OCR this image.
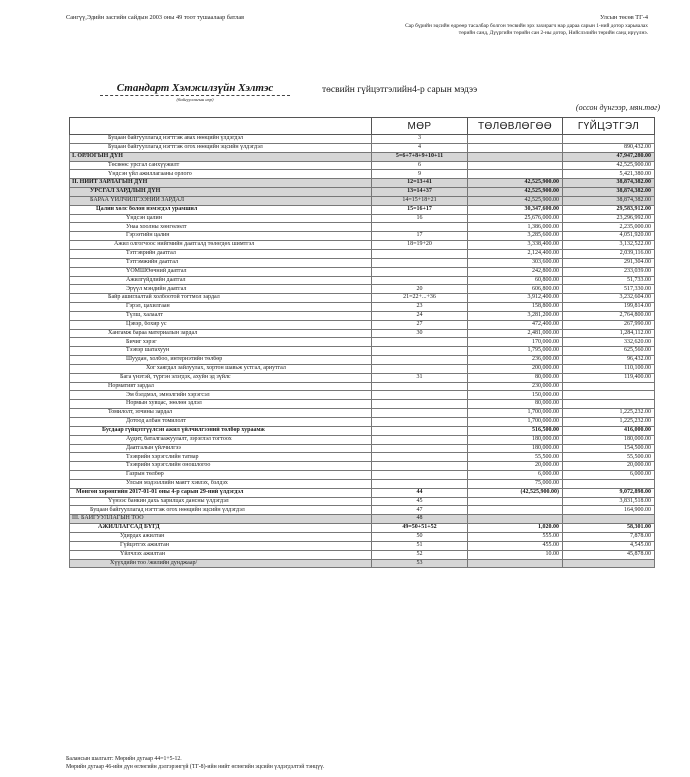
Сангүү,Эдийн засгийн сайдын 2003 оны 49 тоот тушаалаар батлав	Улсын төсөв ТГ-4
Сар бүрийн эцсийн өдрөөр тасалбар болгон төсвийн эрх захирагч нар дараа сарын 1-ний дотор харьяалах төрийн санд, Дүүргийн төрийн сан 2-ны дотор, Нийслэлийн төрийн санд ирүүлнэ.
Стандарт Хэмжилзүйн Хэлтэс
(байгууллагын нэр)
төсвийн гүйцэтгэлийн4-р сарын мэдээ
(оссон дүнгээр, мян.төг)
	МӨР	ТӨЛӨВЛӨГӨӨ	ГҮЙЦЭТГЭЛ
Буцаан байгууллагад нэгтгэж авах нөөцийн үлдэгдэл	3		
Буцаан байгууллагад нэгтгэж огох нөөцийн эцсийн үлдэгдэл	4		890,432.00
I. ОРЛОГЫН ДҮН	5=6+7+8+9+10+11		47,947,280.00
Төсвөөс урсгал санхүүжилт	6		42,525,900.00
Үндсэн үйл ажиллагааны орлого	9		5,421,380.00
II. НИЙТ ЗАРЛАГЫН ДҮН	12=13+41	42,525,900.00	38,874,382.00
УРСГАЛ ЗАРДЛЫН ДҮН	13=14+37	42,525,900.00	38,874,382.00
БАРАА ҮЙЛЧИЛГЭЭНИЙ ЗАРДАЛ	14=15+18+21	42,525,900.00	38,874,382.00
Цалин хөлс болон нэмэгдэл урамшил	15=16+17	30,347,600.00	29,583,912.00
Үндсэн цалин	16	25,676,000.00	23,296,992.00
Унаа хоолны хөнгөлөлт		1,386,000.00	2,235,000.00
Гэрээтийн цалин	17	3,285,600.00	4,051,920.00
Ажил олгогчоос нийгмийн даатгалд төлөгдөх шимтгэл	18=19+20	3,338,400.00	3,132,522.00
Тэтгэврийн даатгал		2,124,400.00	2,039,116.00
Тэтгэмжийн даатгал		303,600.00	291,304.00
ҮОМШӨөчний даатгал		242,800.00	233,039.00
Ажилгүйдлийн даатгал		60,800.00	51,733.00
Эрүүл мэндийн даатгал	20	606,800.00	517,330.00
Байр ашиглалтай холбоотой тогтмол зардал	21=22+...+36	3,912,400.00	3,232,604.00
Гэрэл, цахилгаан	23	158,800.00	199,814.00
Түлш, халаалт	24	3,281,200.00	2,764,800.00
Цэвэр, бохир ус	27	472,400.00	267,990.00
Хангамж бараа материалын зардал	30	2,481,000.00	1,284,112.00
Бичиг хэрэг		170,000.00	332,620.00
Тээвэр шатахуун		1,795,000.00	625,560.00
Шуудан, холбоо, интернэтийн төлбөр		236,000.00	96,432.00
Хог хаягдал зайлуулах, хортон шавьж устгал, ариутгал		200,000.00	110,100.00
Бага үнэтэй, түргэн элэгдэх, ахуйн эд зүйлс	31	80,000.00	119,400.00
Нормативт зардал		230,000.00	
Эм бэлдмэл, эмнэлгийн хэрэгсэл		150,000.00	
Нормын хувцас, зөөлөн эдлэл		80,000.00	
Томилолт, зочины зардал		1,700,000.00	1,225,232.00
Дотоод албан томилолт		1,700,000.00	1,225,232.00
Бусдаар гүйцэтгүүлсэн ажил үйлчилгээний төлбөр хураамж		516,500.00	416,000.00
Аудит, баталгаажуулалт, зэрэглэл тогтоох		180,000.00	180,000.00
Даатгалын үйлчилгээ		180,000.00	154,500.00
Тээврийн хэрэгслийн татвар		55,500.00	55,500.00
Тээврийн хэрэгслийн оношлогоо		20,000.00	20,000.00
Газрын төлбөр		6,000.00	6,000.00
Улсын мэдээллийн маягт хэвлэх, бэлдэх		75,000.00	
Мөнгөн хөрөнгийн 2017-01-01 оны 4-р сарын 29-ний үлдэгдэл	44	(42,525,900.00)	9,072,898.00
Үүнээс банкин дахь харилцах дансны үлдэгдэл	45		3,831,518.00
Буцаан байгууллагад нэгтгэж огох нөөцийн эцсийн үлдэгдэл	47		164,900.00
III. БАЙГУУЛЛАГЫН ТОО	48		
АЖИЛЛАГСАД БҮГД	49=50+51+52	1,020.00	58,301.00
Удирдах ажилтан	50	555.00	7,878.00
Гүйцэтгэх ажилтан	51	455.00	4,545.00
Үйлчлэх ажилтан	52	10.00	45,878.00
Хүүхдийн тоо /жилийн дунджаар/	53		
Балансын шалгалт: Мөрийн дугаар 44=1+5-12.
Мөрийн дугаар 46-ийн дүн өглөгийн дэлгэрэнгүй (ТГ-8)-ийн нийт өглөгийн эцсийн үлдэгдэлтэй тэнцүү.
